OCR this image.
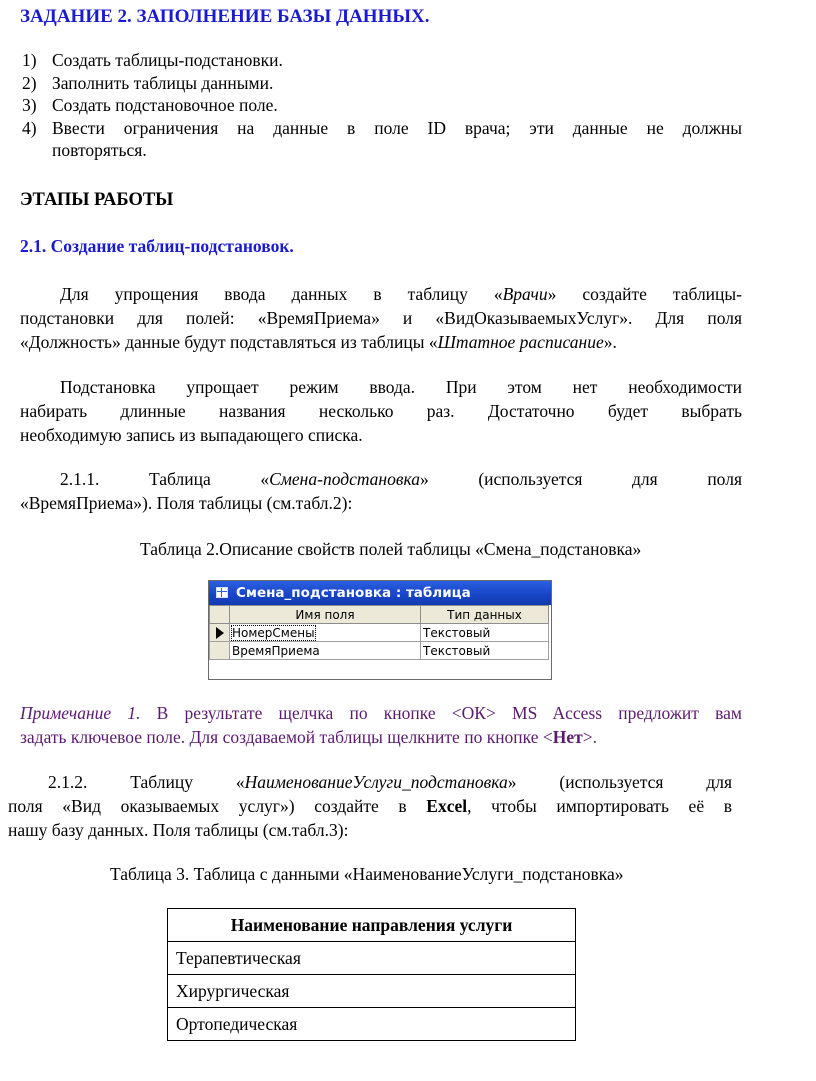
ЗАДАНИЕ 2. ЗАПОЛНЕНИЕ БАЗЫ ДАННЫХ.
1) Создать таблицы-подстановки.
2) Заполнить таблицы данными.
3) Создать подстановочное поле.
4) Ввести ограничения на данные в поле ID врача; эти данные не должны
повторяться.
ЭТАПЫ РАБОТЫ
2.1. Создание таблиц-подстановок.
Для упрощения ввода данных в таблицу «Врачи» создайте таблицы-
подстановки для полей: «ВремяПриема» и «ВидОказываемыхУслуг». Для поля
«Должность» данные будут подставляться из таблицы «Штатное расписание».
Подстановка упрощает режим ввода. При этом нет необходимости
набирать длинные названия несколько раз. Достаточно будет выбрать
необходимую запись из выпадающего списка.
2.1.1. Таблица «Смена-подстановка» (используется для поля
«ВремяПриема»). Поля таблицы (см.табл.2):
Таблица 2.Описание свойств полей таблицы «Смена_подстановка»
Смена_подстановка : таблица
	Имя поля	Тип данных
	НомерСмены	Текстовый
	ВремяПриема	Текстовый
Примечание 1. В результате щелчка по кнопке <ОК> MS Access предложит вам
задать ключевое поле. Для создаваемой таблицы щелкните по кнопке <Нет>.
2.1.2. Таблицу «НаименованиеУслуги_подстановка» (используется для
поля «Вид оказываемых услуг») создайте в Excel, чтобы импортировать её в
нашу базу данных. Поля таблицы (см.табл.3):
Таблица 3. Таблица с данными «НаименованиеУслуги_подстановка»
Наименование направления услуги
Терапевтическая
Хирургическая
Ортопедическая
